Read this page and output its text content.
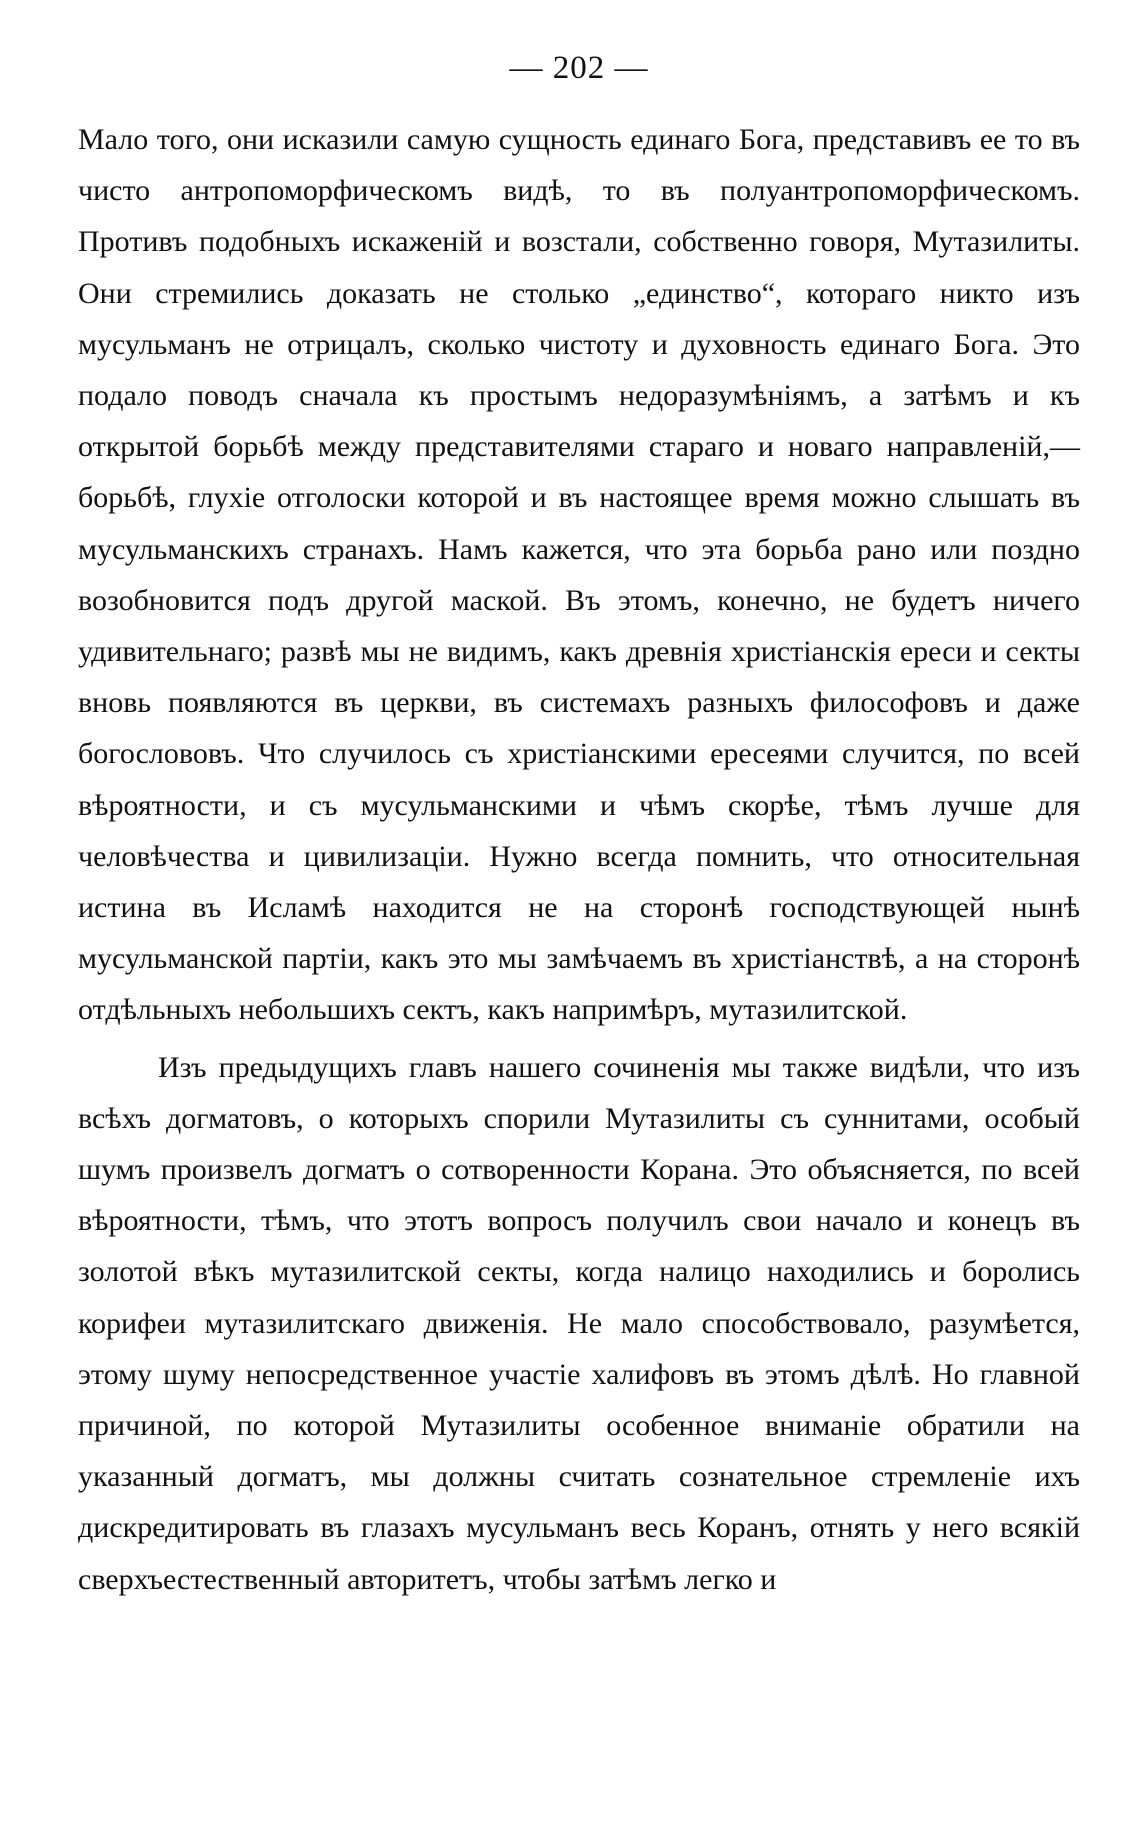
— 202 —

Мало того, они исказили самую сущность единаго Бога, представивъ ее то въ чисто антропоморфическомъ видѣ, то въ полуантропоморфическомъ. Противъ подобныхъ искаженій и возстали, собственно говоря, Мутазилиты. Они стремились доказать не столько „единство“, котораго никто изъ мусульманъ не отрицалъ, сколько чистоту и духовность единаго Бога. Это подало поводъ сначала къ простымъ недоразумѣніямъ, а затѣмъ и къ открытой борьбѣ между представителями стараго и новаго направленій,—борьбѣ, глухіе отголоски которой и въ настоящее время можно слышать въ мусульманскихъ странахъ. Намъ кажется, что эта борьба рано или поздно возобновится подъ другой маской. Въ этомъ, конечно, не будетъ ничего удивительнаго; развѣ мы не видимъ, какъ древнія христіанскія ереси и секты вновь появляются въ церкви, въ системахъ разныхъ философовъ и даже богослововъ. Что случилось съ христіанскими ересеями случится, по всей вѣроятности, и съ мусульманскими и чѣмъ скорѣе, тѣмъ лучше для человѣчества и цивилизаціи. Нужно всегда помнить, что относительная истина въ Исламѣ находится не на сторонѣ господствующей нынѣ мусульманской партіи, какъ это мы замѣчаемъ въ христіанствѣ, а на сторонѣ отдѣльныхъ небольшихъ сектъ, какъ напримѣръ, мутазилитской.

Изъ предыдущихъ главъ нашего сочиненія мы также видѣли, что изъ всѣхъ догматовъ, о которыхъ спорили Мутазилиты съ суннитами, особый шумъ произвелъ догматъ о сотворенности Корана. Это объясняется, по всей вѣроятности, тѣмъ, что этотъ вопросъ получилъ свои начало и конецъ въ золотой вѣкъ мутазилитской секты, когда налицо находились и боролись корифеи мутазилитскаго движенія. Не мало способствовало, разумѣется, этому шуму непосредственное участіе халифовъ въ этомъ дѣлѣ. Но главной причиной, по которой Мутазилиты особенное вниманіе обратили на указанный догматъ, мы должны считать сознательное стремленіе ихъ дискредитировать въ глазахъ мусульманъ весь Коранъ, отнять у него всякій сверхъестественный авторитетъ, чтобы затѣмъ легко и
